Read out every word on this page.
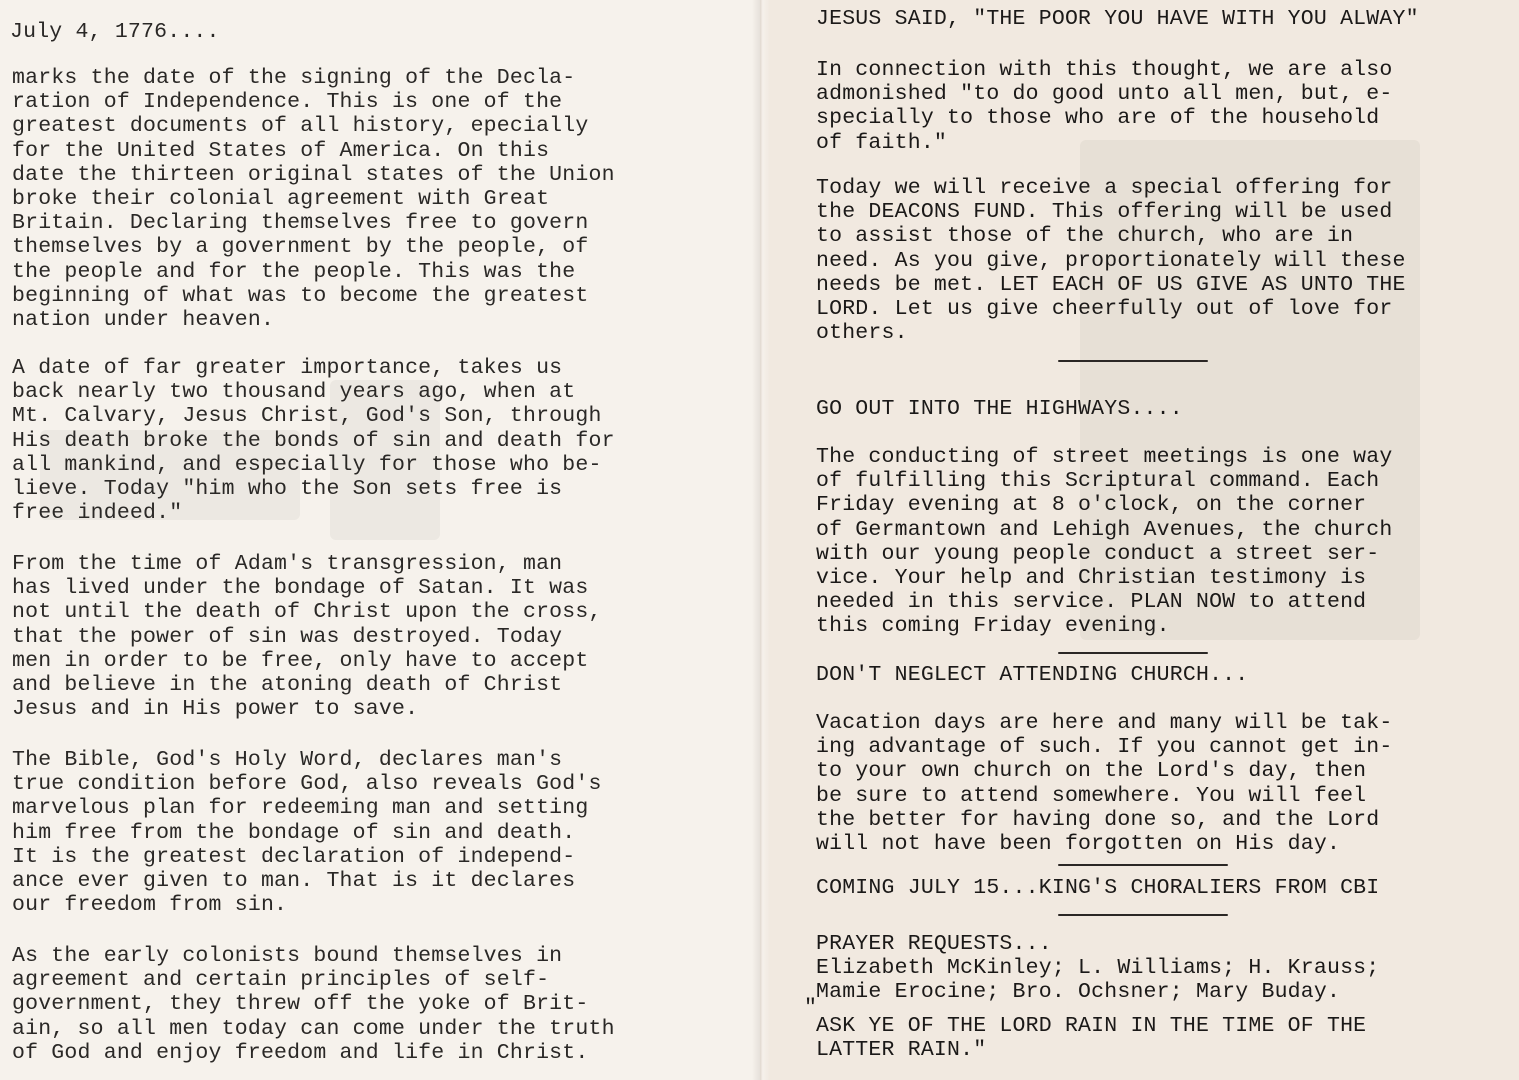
July 4, 1776....

marks the date of the signing of the Decla-
ration of Independence. This is one of the
greatest documents of all history, epecially
for the United States of America. On this
date the thirteen original states of the Union
broke their colonial agreement with Great
Britain. Declaring themselves free to govern
themselves by a government by the people, of
the people and for the people. This was the
beginning of what was to become the greatest
nation under heaven.

A date of far greater importance, takes us
back nearly two thousand years ago, when at
Mt. Calvary, Jesus Christ, God's Son, through
His death broke the bonds of sin and death for
all mankind, and especially for those who be-
lieve. Today "him who the Son sets free is
free indeed."

From the time of Adam's transgression, man
has lived under the bondage of Satan. It was
not until the death of Christ upon the cross,
that the power of sin was destroyed. Today
men in order to be free, only have to accept
and believe in the atoning death of Christ
Jesus and in His power to save.

The Bible, God's Holy Word, declares man's
true condition before God, also reveals God's
marvelous plan for redeeming man and setting
him free from the bondage of sin and death.
It is the greatest declaration of independ-
ance ever given to man. That is it declares
our freedom from sin.

As the early colonists bound themselves in
agreement and certain principles of self-
government, they threw off the yoke of Brit-
ain, so all men today can come under the truth
of God and enjoy freedom and life in Christ.

JESUS SAID, "THE POOR YOU HAVE WITH YOU ALWAY"

In connection with this thought, we are also
admonished "to do good unto all men, but, e-
specially to those who are of the household
of faith."

Today we will receive a special offering for
the DEACONS FUND. This offering will be used
to assist those of the church, who are in
need. As you give, proportionately will these
needs be met. LET EACH OF US GIVE AS UNTO THE
LORD. Let us give cheerfully out of love for
others.

GO OUT INTO THE HIGHWAYS....

The conducting of street meetings is one way
of fulfilling this Scriptural command. Each
Friday evening at 8 o'clock, on the corner
of Germantown and Lehigh Avenues, the church
with our young people conduct a street ser-
vice. Your help and Christian testimony is
needed in this service. PLAN NOW to attend
this coming Friday evening.

DON'T NEGLECT ATTENDING CHURCH...

Vacation days are here and many will be tak-
ing advantage of such. If you cannot get in-
to your own church on the Lord's day, then
be sure to attend somewhere. You will feel
the better for having done so, and the Lord
will not have been forgotten on His day.

COMING JULY 15...KING'S CHORALIERS FROM CBI

PRAYER REQUESTS...

Elizabeth McKinley; L. Williams; H. Krauss;
Mamie Erocine; Bro. Ochsner; Mary Buday.

"

ASK YE OF THE LORD RAIN IN THE TIME OF THE
LATTER RAIN."
